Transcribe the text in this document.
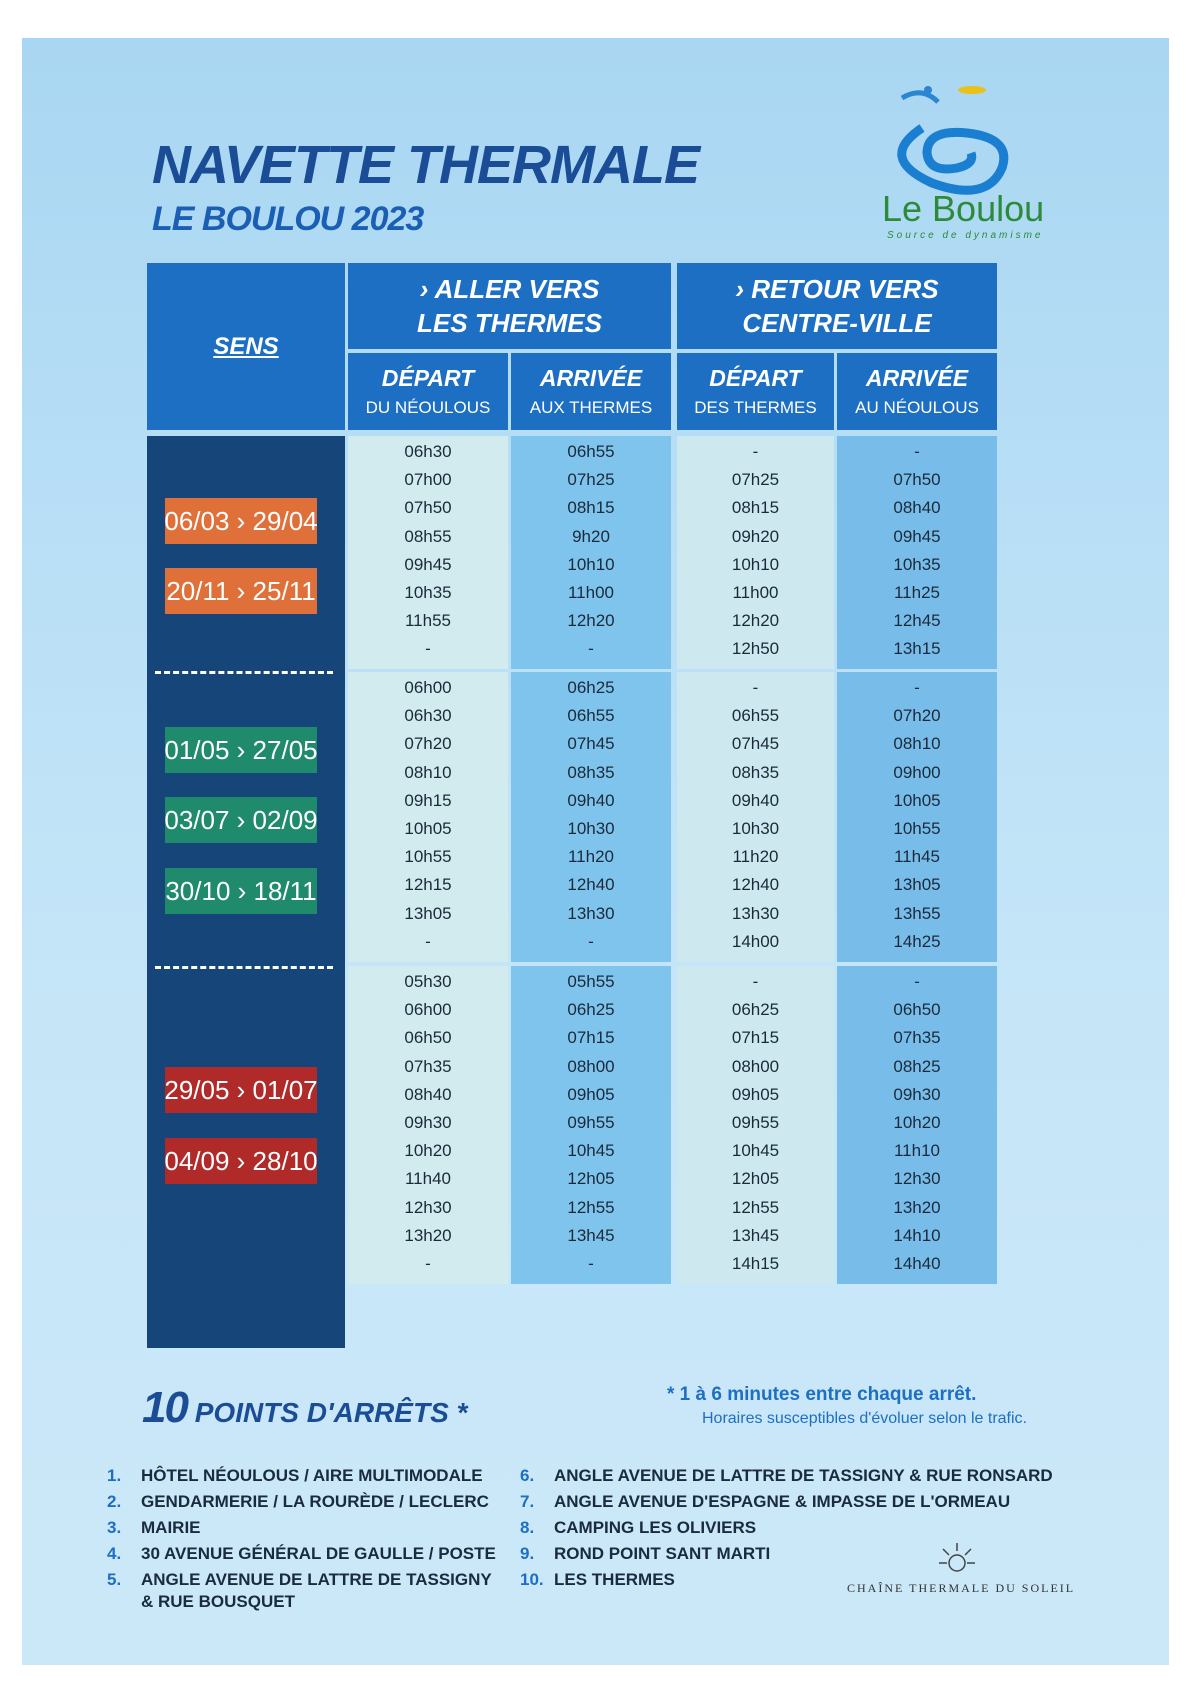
NAVETTE THERMALE
LE BOULOU 2023	Le Boulou
Source de dynamisme
SENS
› ALLER VERS
LES THERMES
› RETOUR VERS
CENTRE-VILLE
DÉPART
DU NÉOULOUS
ARRIVÉE
AUX THERMES
DÉPART
DES THERMES
ARRIVÉE
AU NÉOULOUS
06/03 › 29/04
20/11 › 25/11
01/05 › 27/05
03/07 › 02/09
30/10 › 18/11
29/05 › 01/07
04/09 › 28/10
06h30
07h00
07h50
08h55
09h45
10h35
11h55
-
06h55
07h25
08h15
9h20
10h10
11h00
12h20
-
-
07h25
08h15
09h20
10h10
11h00
12h20
12h50
-
07h50
08h40
09h45
10h35
11h25
12h45
13h15
06h00
06h30
07h20
08h10
09h15
10h05
10h55
12h15
13h05
-
06h25
06h55
07h45
08h35
09h40
10h30
11h20
12h40
13h30
-
-
06h55
07h45
08h35
09h40
10h30
11h20
12h40
13h30
14h00
-
07h20
08h10
09h00
10h05
10h55
11h45
13h05
13h55
14h25
05h30
06h00
06h50
07h35
08h40
09h30
10h20
11h40
12h30
13h20
-
05h55
06h25
07h15
08h00
09h05
09h55
10h45
12h05
12h55
13h45
-
-
06h25
07h15
08h00
09h05
09h55
10h45
12h05
12h55
13h45
14h15
-
06h50
07h35
08h25
09h30
10h20
11h10
12h30
13h20
14h10
14h40
10 POINTS D'ARRÊTS *
* 1 à 6 minutes entre chaque arrêt.
Horaires susceptibles d'évoluer selon le trafic.
1. HÔTEL NÉOULOUS / AIRE MULTIMODALE
2. GENDARMERIE / LA ROURÈDE / LECLERC
3. MAIRIE
4. 30 AVENUE GÉNÉRAL DE GAULLE / POSTE
5. ANGLE AVENUE DE LATTRE DE TASSIGNY
& RUE BOUSQUET
6. ANGLE AVENUE DE LATTRE DE TASSIGNY & RUE RONSARD
7. ANGLE AVENUE D'ESPAGNE & IMPASSE DE L'ORMEAU
8. CAMPING LES OLIVIERS
9. ROND POINT SANT MARTI
10. LES THERMES	CHAÎNE THERMALE DU SOLEIL
